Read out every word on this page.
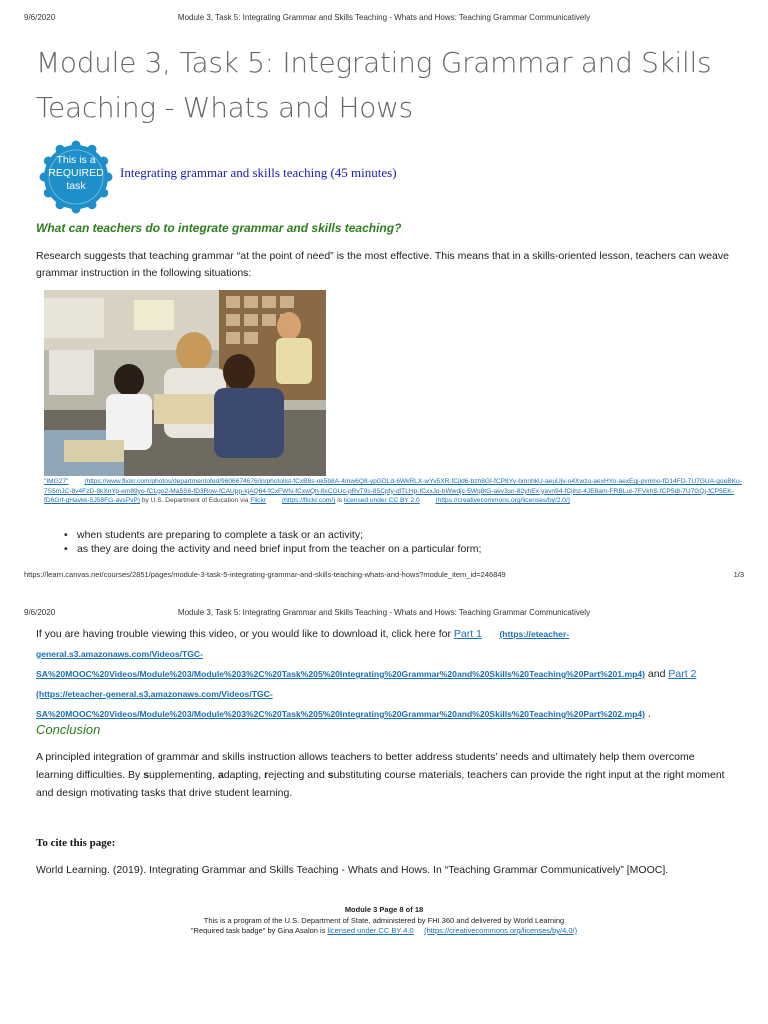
9/6/2020	Module 3, Task 5: Integrating Grammar and Skills Teaching - Whats and Hows: Teaching Grammar Communicatively
Module 3, Task 5: Integrating Grammar and Skills Teaching - Whats and Hows
This is a
REQUIRED
task
Integrating grammar and skills teaching (45 minutes)
What can teachers do to integrate grammar and skills teaching?

Research suggests that teaching grammar “at the point of need” is the most effective. This means that in a skills-oriented lesson, teachers can weave grammar instruction in the following situations:

"IMG27" (https://www.flickr.com/photos/departmentofed/9606674676/in/photolist-fCxB8s-ok5b8A-4mw6Q8-ypGDLd-6WkRLX-wYv5XR-fCjld6-bzh8GI-fCP8Yv-bmnhkU-aeuUjv-o4Xwzo-aexHYo-aexEgj-pvrimo-fD14FD-7U7GUA-goeBKu-7S5mJC-8v4FzD-8kXnYp-em89yo-fCLgo2-Ma5S6-fD3Row-fCAUpp-kjAQ64-fCxFWN-fCxwQh-8xCGUc-pRvT9s-85Cpfy-dlTLHp-fCxxJo-bWwdjc-5Wq8tG-aev3sn-82yhEx-yavn94-fCjihz-4JE8am-FRBLuI-7FVkhS-fCP5t8-7U7GQj-fCP5EK-fD6Grf-gHavkk-5J58FG-avsPvP) by U.S. Department of Education via Flickr (https://flickr.com/) is licensed under CC BY 2.0 (https://creativecommons.org/licenses/by/2.0/)
• when students are preparing to complete a task or an activity;
• as they are doing the activity and need brief input from the teacher on a particular form;
https://learn.canvas.net/courses/2851/pages/module-3-task-5-integrating-grammar-and-skills-teaching-whats-and-hows?module_item_id=246849	1/3
9/6/2020	Module 3, Task 5: Integrating Grammar and Skills Teaching - Whats and Hows: Teaching Grammar Communicatively
If you are having trouble viewing this video, or you would like to download it, click here for Part 1 (https://eteacher-general.s3.amazonaws.com/Videos/TGC-
SA%20MOOC%20Videos/Module%203/Module%203%2C%20Task%205%20Integrating%20Grammar%20and%20Skills%20Teaching%20Part%201.mp4) and Part 2
(https://eteacher-general.s3.amazonaws.com/Videos/TGC-
SA%20MOOC%20Videos/Module%203/Module%203%2C%20Task%205%20Integrating%20Grammar%20and%20Skills%20Teaching%20Part%202.mp4) .
Conclusion

A principled integration of grammar and skills instruction allows teachers to better address students’ needs and ultimately help them overcome learning difficulties. By supplementing, adapting, rejecting and substituting course materials, teachers can provide the right input at the right moment and design motivating tasks that drive student learning.

To cite this page:
World Learning. (2019). Integrating Grammar and Skills Teaching - Whats and Hows. In “Teaching Grammar Communicatively” [MOOC].
Module 3 Page 8 of 18
This is a program of the U.S. Department of State, administered by FHI 360 and delivered by World Learning
"Required task badge" by Gina Asalon is licensed under CC BY 4.0 (https://creativecommons.org/licenses/by/4.0/)
